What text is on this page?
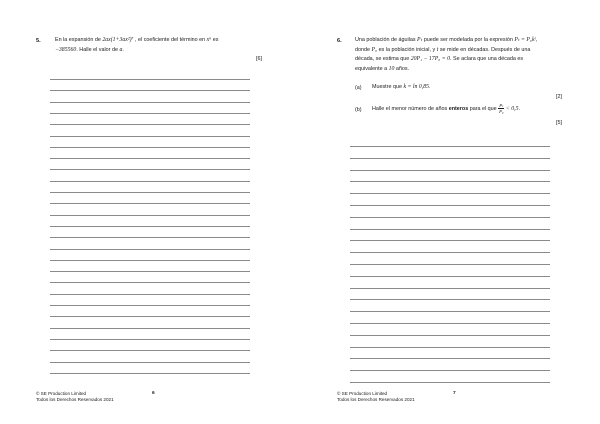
5.	En la expansión de 2ax(1+3ax²)⁷ , el coeficiente del término en x⁶ es
−385560. Halle el valor de a.
[6]
© SE Production Limited
Todos los Derechos Reservados 2021
6
6. Una población de águilas Pₜ puede ser modelada por la expresión Pₜ = P₀kᵗ,
donde P₀ es la población inicial, y t se mide en décadas. Después de una
década, se estima que 20P₁ − 17P₀ = 0. Se aclara que una década es
equivalente a 10 años.
(a) Muestre que k = ln 0,85.
[2]
(b) Halle el menor número de años enteros para el que $\frac{\text{Pₜ}}{\text{P₀}} < 0,5$.
[5]
© SE Production Limited
Todos los Derechos Reservados 2021
7
